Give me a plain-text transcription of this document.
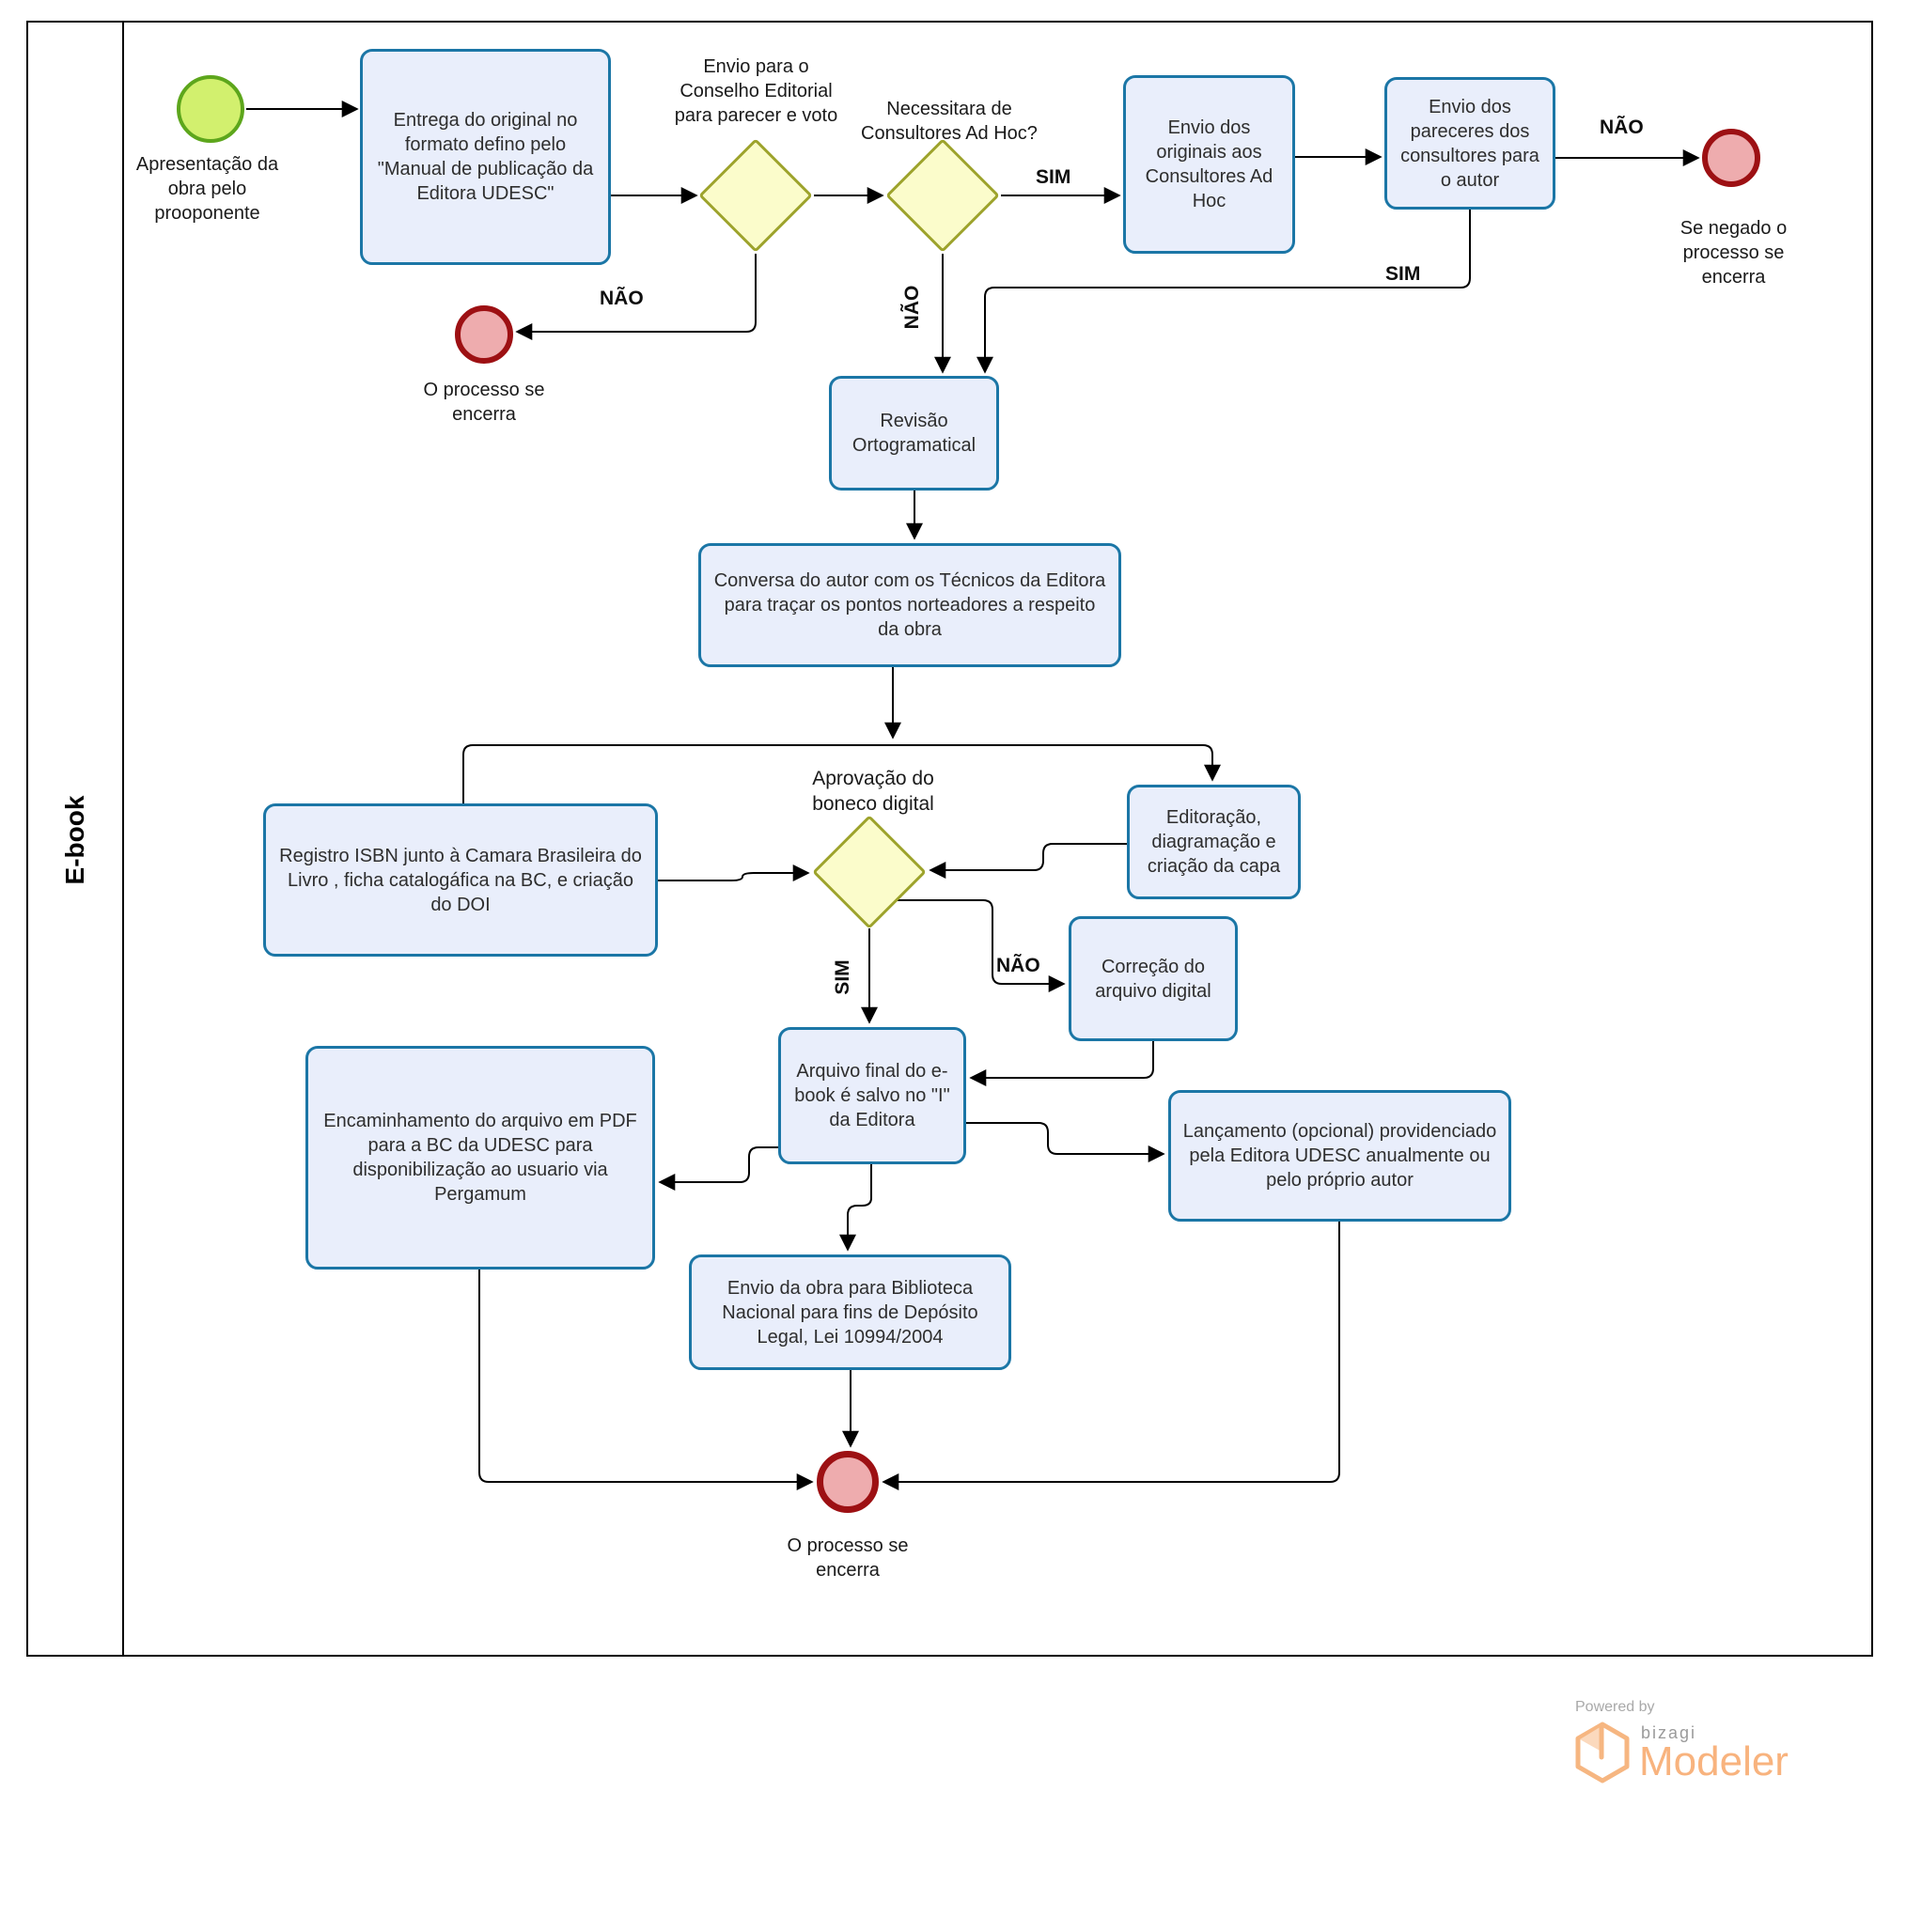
E-book
Apresentação da obra pelo prooponente
O processo se encerra
Se negado o processo se encerra
O processo se encerra
Entrega do original no formato defino pelo "Manual de publicação da Editora UDESC"
Envio dos originais aos Consultores Ad Hoc
Envio dos pareceres dos consultores para o autor
Revisão Ortogramatical
Conversa do autor com os Técnicos da Editora para traçar os pontos norteadores a respeito da obra
Registro ISBN junto à Camara Brasileira do Livro , ficha catalogáfica na BC, e criação do DOI
Editoração, diagramação e criação da capa
Correção do arquivo digital
Arquivo final do e-book é salvo no "I" da Editora
Encaminhamento do arquivo em PDF para a BC da UDESC para disponibilização ao usuario via Pergamum
Envio da obra para Biblioteca Nacional para fins de Depósito Legal, Lei 10994/2004
Lançamento (opcional) providenciado pela Editora UDESC anualmente ou pelo próprio autor
Envio para o Conselho Editorial para parecer e voto	Necessitara de Consultores Ad Hoc?
Aprovação do boneco digital
NÃO	NÃO
SIM
SIM
NÃO
SIM	NÃO
Powered by
bizagi
Modeler
